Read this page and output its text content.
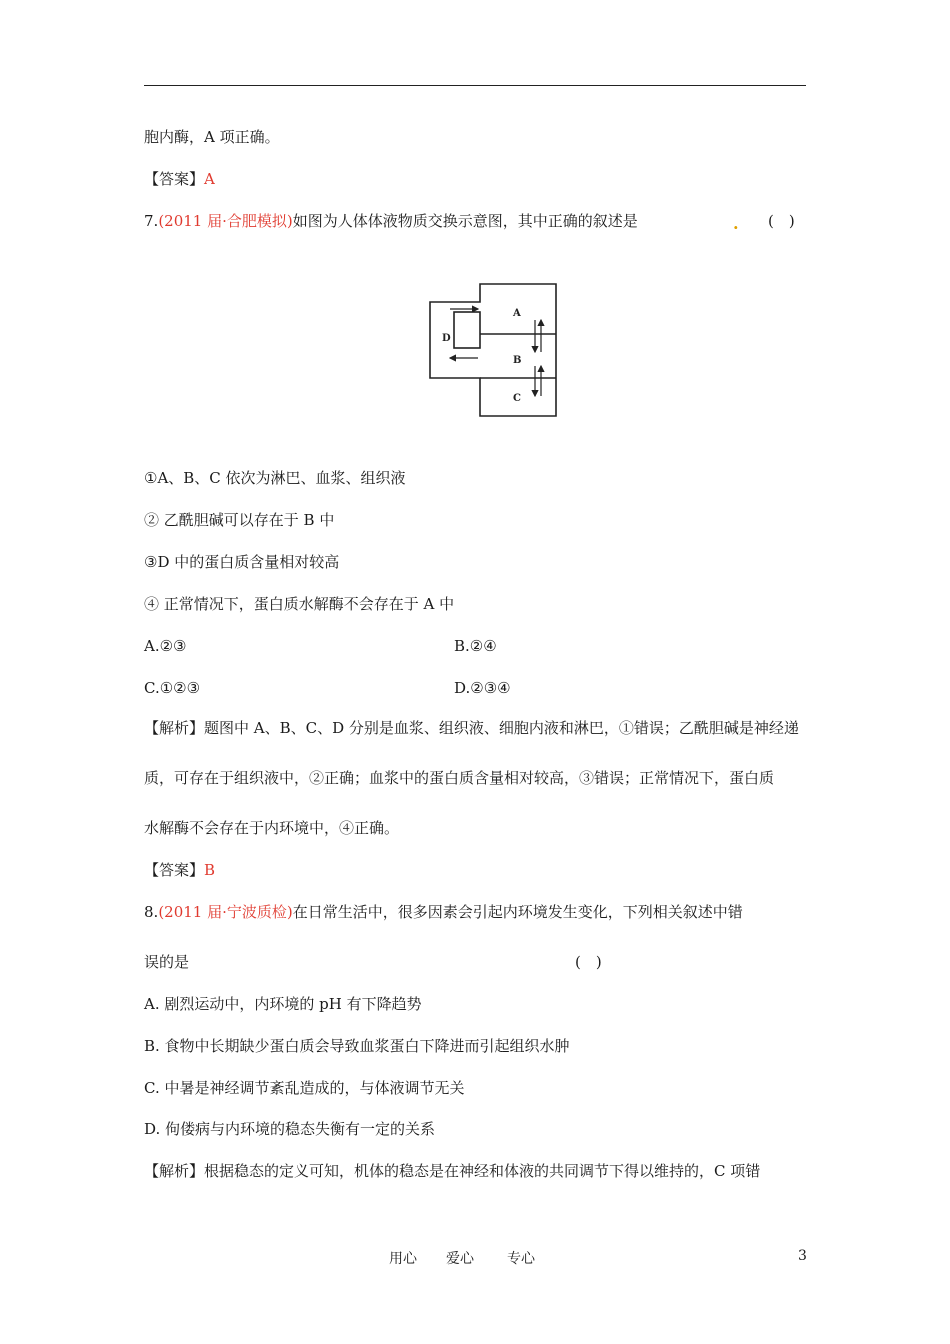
胞内酶，A 项正确。
【答案】A
7.(2011 届·合肥模拟)如图为人体体液物质交换示意图，其中正确的叙述是	. (　)
A
B
C
D
①A、B、C 依次为淋巴、血浆、组织液
② 乙酰胆碱可以存在于 B 中
③D 中的蛋白质含量相对较高
④ 正常情况下，蛋白质水解酶不会存在于 A 中
A.②③	B.②④
C.①②③	D.②③④
【解析】题图中 A、B、C、D 分别是血浆、组织液、细胞内液和淋巴，①错误；乙酰胆碱是神经递
质，可存在于组织液中，②正确；血浆中的蛋白质含量相对较高，③错误；正常情况下，蛋白质
水解酶不会存在于内环境中，④正确。
【答案】B
8.(2011 届·宁波质检)在日常生活中，很多因素会引起内环境发生变化，下列相关叙述中错
误的是	(　)
A. 剧烈运动中，内环境的 pH 有下降趋势
B. 食物中长期缺少蛋白质会导致血浆蛋白下降进而引起组织水肿
C. 中暑是神经调节紊乱造成的，与体液调节无关
D. 佝偻病与内环境的稳态失衡有一定的关系
【解析】根据稳态的定义可知，机体的稳态是在神经和体液的共同调节下得以维持的，C 项错
用心 爱心 专心	3
